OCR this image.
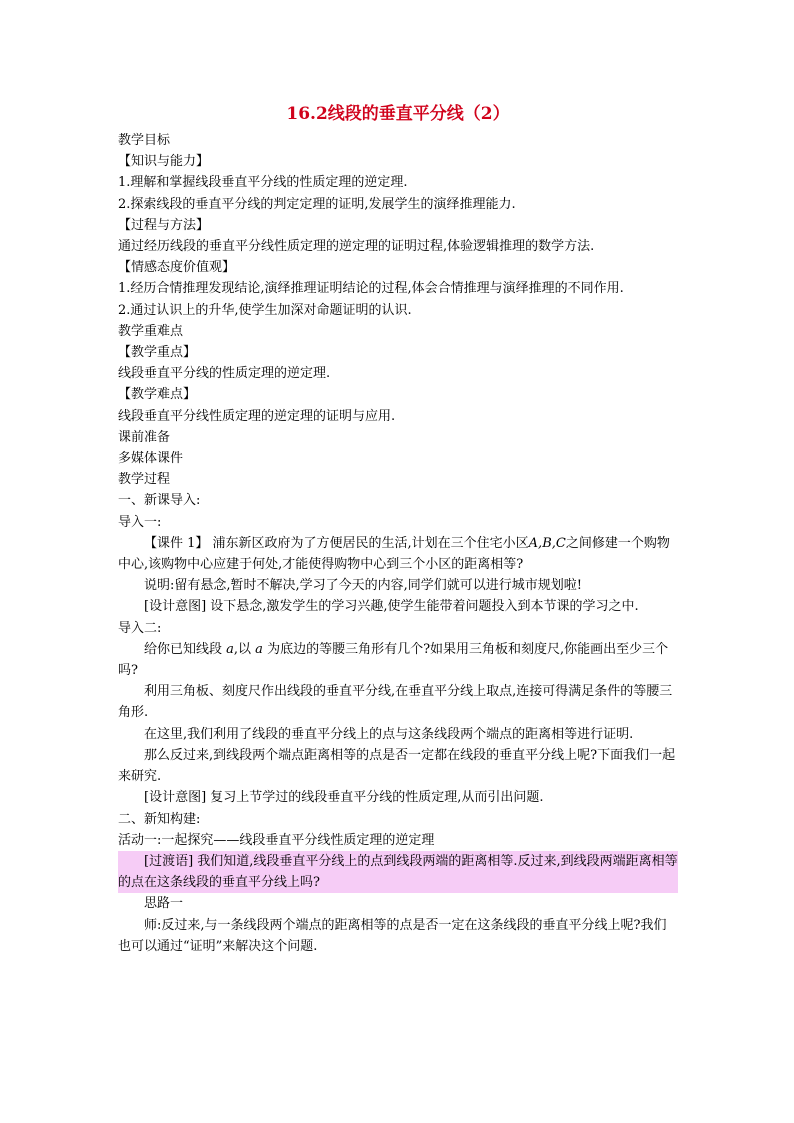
16.2线段的垂直平分线（2）
教学目标
【知识与能力】
1.理解和掌握线段垂直平分线的性质定理的逆定理.
2.探索线段的垂直平分线的判定定理的证明,发展学生的演绎推理能力.
【过程与方法】
通过经历线段的垂直平分线性质定理的逆定理的证明过程,体验逻辑推理的数学方法.
【情感态度价值观】
1.经历合情推理发现结论,演绎推理证明结论的过程,体会合情推理与演绎推理的不同作用.
2.通过认识上的升华,使学生加深对命题证明的认识.
教学重难点
【教学重点】
线段垂直平分线的性质定理的逆定理.
【教学难点】
线段垂直平分线性质定理的逆定理的证明与应用.
课前准备
多媒体课件
教学过程
一、新课导入:
导入一:
【课件 1】 浦东新区政府为了方便居民的生活,计划在三个住宅小区A,B,C之间修建一个购物中心,该购物中心应建于何处,才能使得购物中心到三个小区的距离相等?
说明:留有悬念,暂时不解决,学习了今天的内容,同学们就可以进行城市规划啦!
[设计意图] 设下悬念,激发学生的学习兴趣,使学生能带着问题投入到本节课的学习之中.
导入二:
给你已知线段 a,以 a 为底边的等腰三角形有几个?如果用三角板和刻度尺,你能画出至少三个吗?
利用三角板、刻度尺作出线段的垂直平分线,在垂直平分线上取点,连接可得满足条件的等腰三角形.
在这里,我们利用了线段的垂直平分线上的点与这条线段两个端点的距离相等进行证明.
那么反过来,到线段两个端点距离相等的点是否一定都在线段的垂直平分线上呢?下面我们一起来研究.
[设计意图] 复习上节学过的线段垂直平分线的性质定理,从而引出问题.
二、新知构建:
活动一:一起探究——线段垂直平分线性质定理的逆定理
[过渡语] 我们知道,线段垂直平分线上的点到线段两端的距离相等.反过来,到线段两端距离相等的点在这条线段的垂直平分线上吗?
思路一
师:反过来,与一条线段两个端点的距离相等的点是否一定在这条线段的垂直平分线上呢?我们也可以通过“证明”来解决这个问题.
